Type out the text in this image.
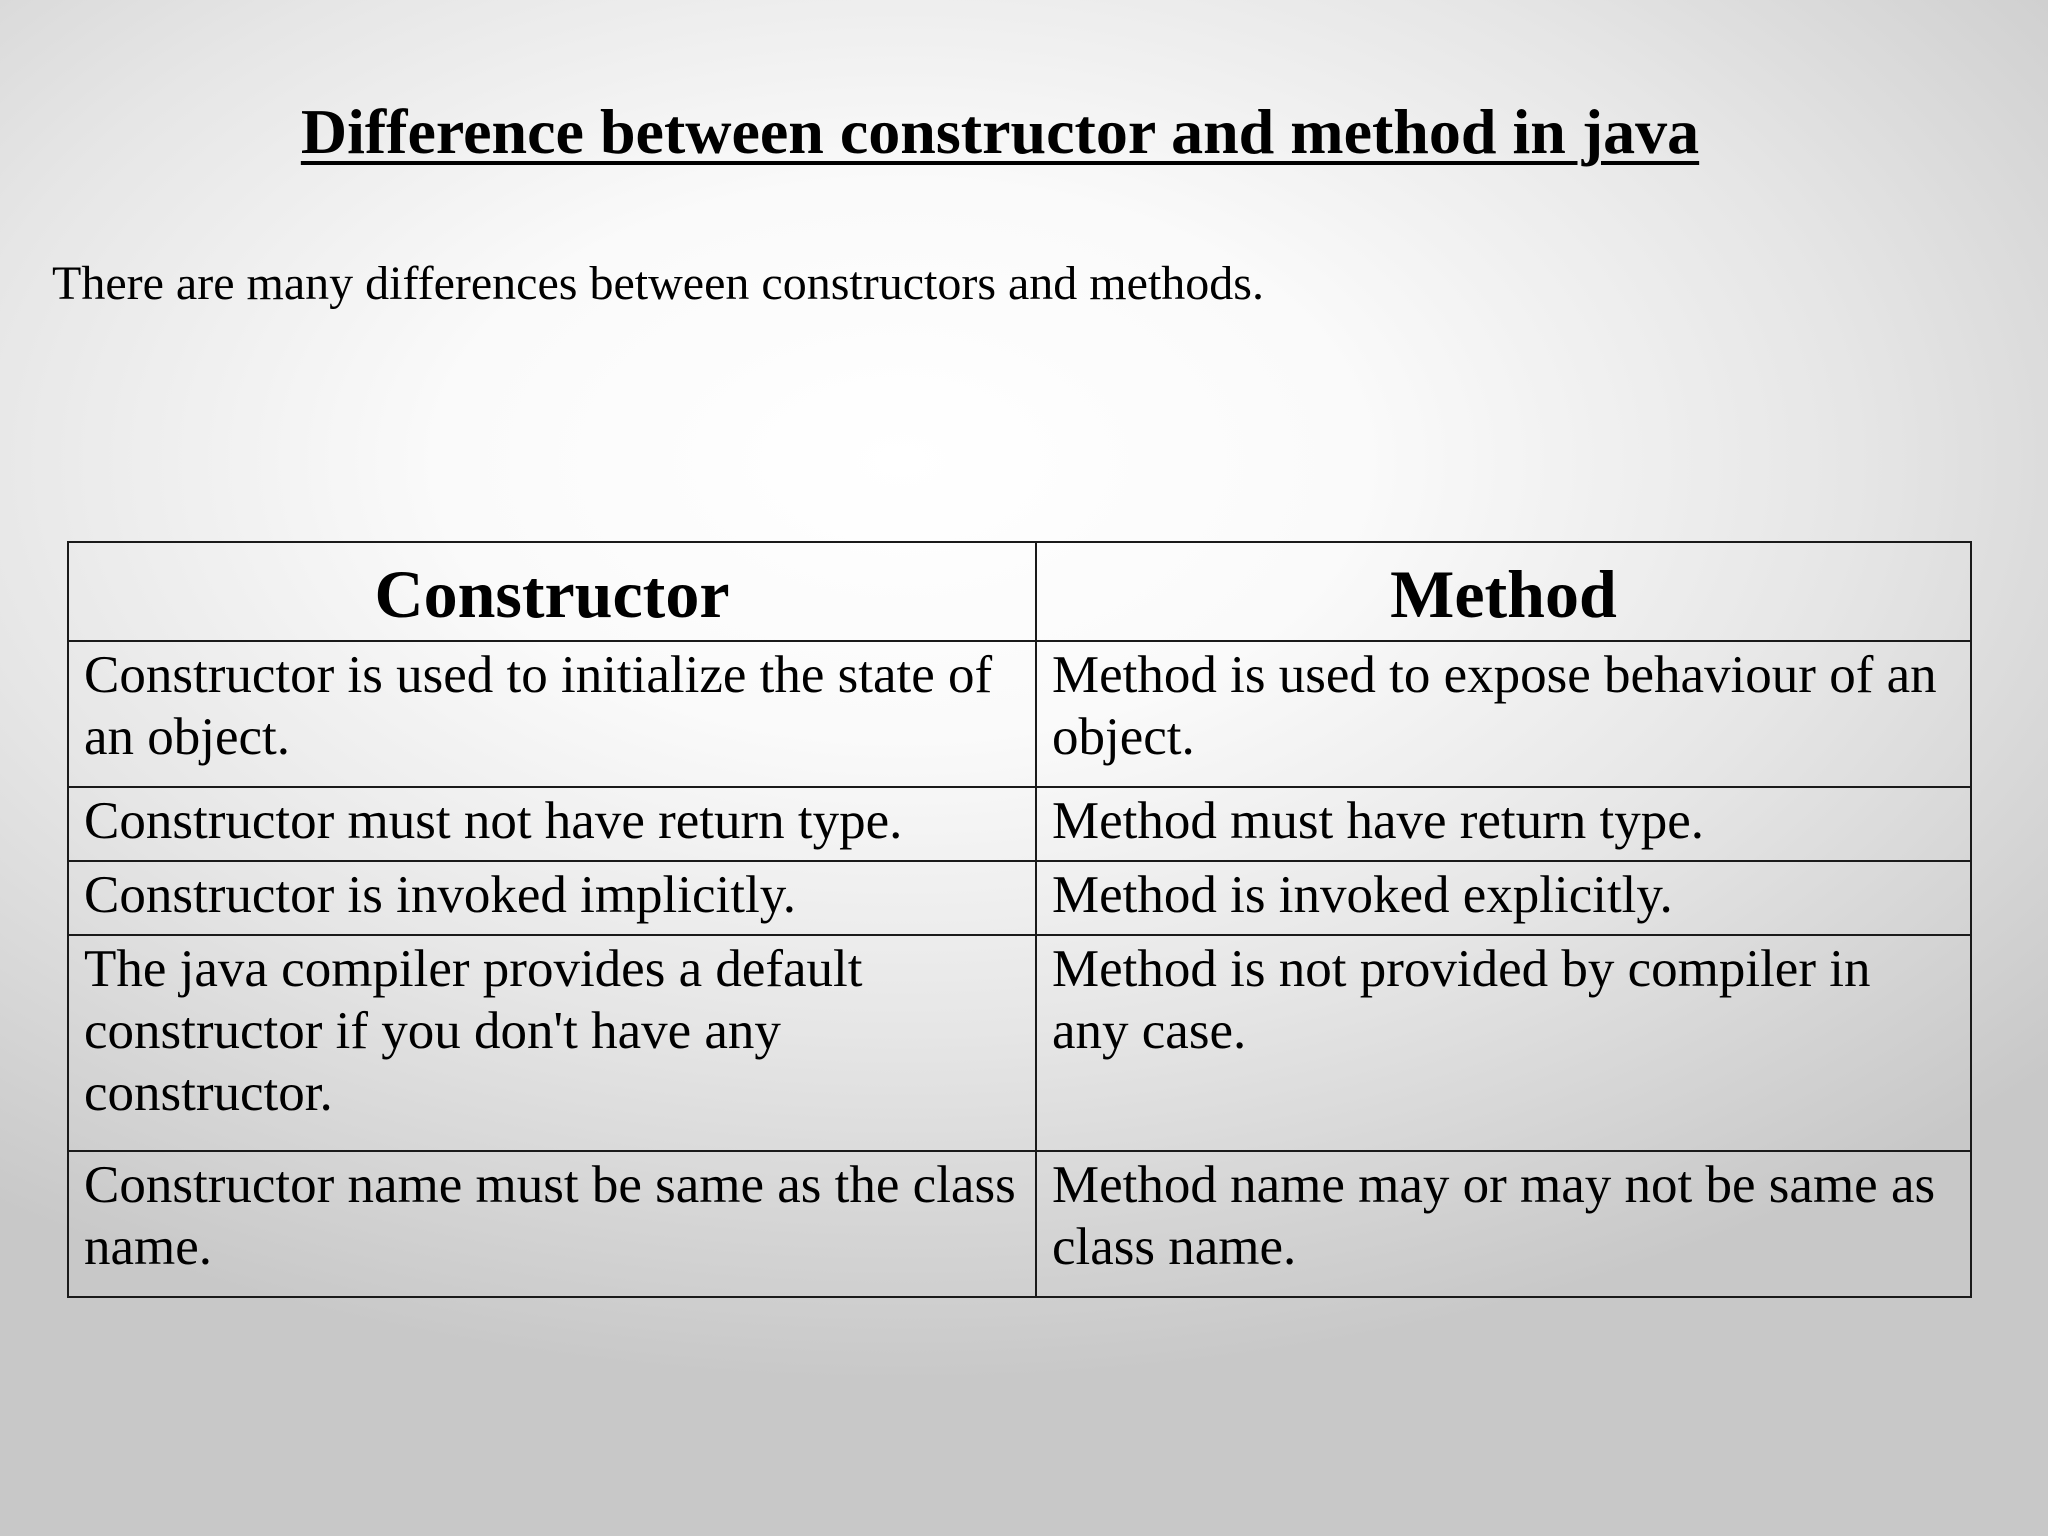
Difference between constructor and method in java

There are many differences between constructors and methods.

Constructor	Method
Constructor is used to initialize the state of an object.	Method is used to expose behaviour of an object.
Constructor must not have return type.	Method must have return type.
Constructor is invoked implicitly.	Method is invoked explicitly.
The java compiler provides a default constructor if you don't have any constructor.	Method is not provided by compiler in any case.
Constructor name must be same as the class name.	Method name may or may not be same as class name.
